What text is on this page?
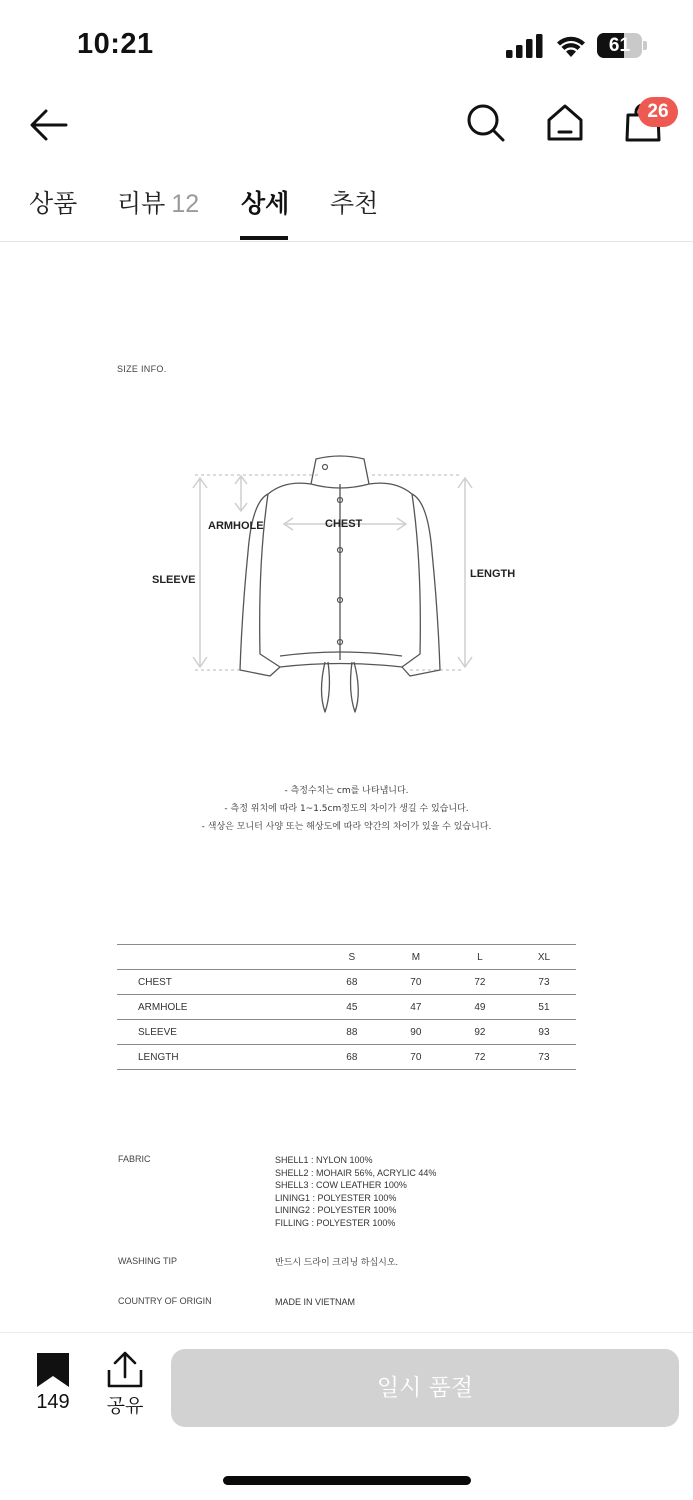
10:21	61
26
상품 리뷰 12 상세 추천
SIZE INFO.
ARMHOLE	CHEST
SLEEVE	LENGTH
- 측정수치는 cm를 나타냅니다.
- 측정 위치에 따라 1~1.5cm정도의 차이가 생길 수 있습니다.
- 색상은 모니터 사양 또는 해상도에 따라 약간의 차이가 있을 수 있습니다.
	S	M	L	XL
CHEST	68	70	72	73
ARMHOLE	45	47	49	51
SLEEVE	88	90	92	93
LENGTH	68	70	72	73
FABRIC	SHELL1 : NYLON 100%
SHELL2 : MOHAIR 56%, ACRYLIC 44%
SHELL3 : COW LEATHER 100%
LINING1 : POLYESTER 100%
LINING2 : POLYESTER 100%
FILLING : POLYESTER 100%
WASHING TIP	반드시 드라이 크리닝 하십시오.
COUNTRY OF ORIGIN	MADE IN VIETNAM
149	공유
일시 품절
